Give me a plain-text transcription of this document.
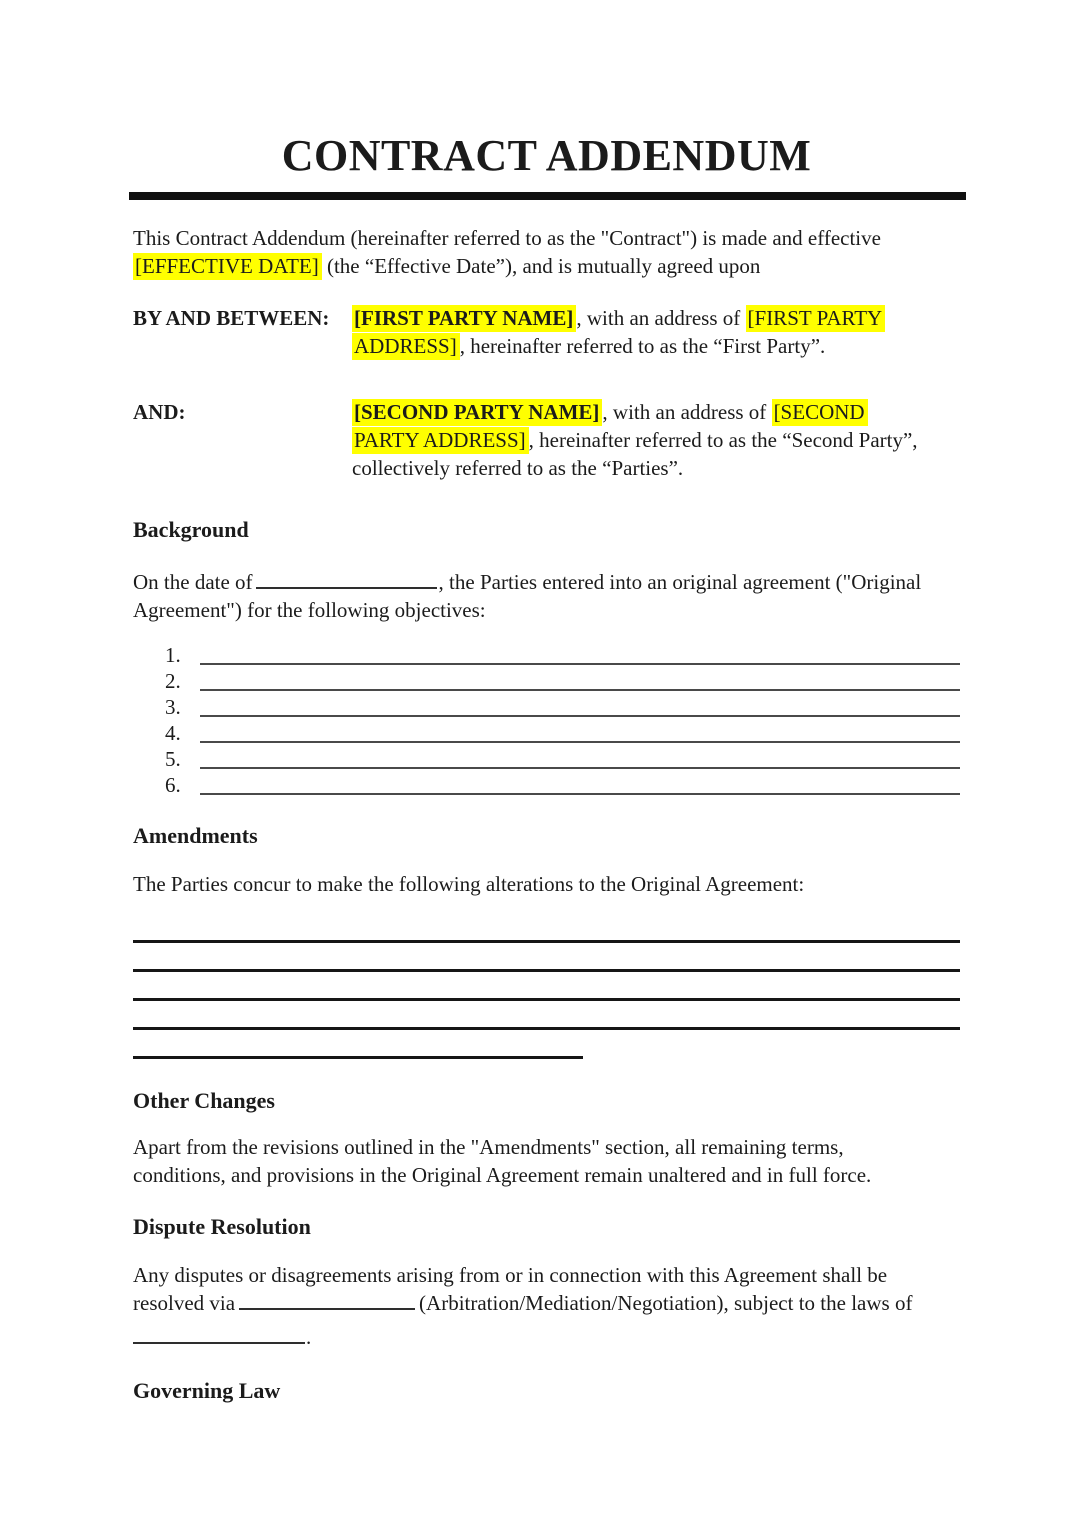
CONTRACT ADDENDUM

This Contract Addendum (hereinafter referred to as the "Contract") is made and effective
[EFFECTIVE DATE] (the “Effective Date”), and is mutually agreed upon

BY AND BETWEEN:	[FIRST PARTY NAME] , with an address of [FIRST PARTY
ADDRESS] , hereinafter referred to as the “First Party”.
AND:	[SECOND PARTY NAME] , with an address of [SECOND
PARTY ADDRESS] , hereinafter referred to as the “Second Party”,
collectively referred to as the “Parties”.
Background

On the date of	, the Parties entered into an original agreement ("Original
Agreement") for the following objectives:

1.
2.
3.
4.
5.
6.
Amendments

The Parties concur to make the following alterations to the Original Agreement:

Other Changes

Apart from the revisions outlined in the "Amendments" section, all remaining terms,
conditions, and provisions in the Original Agreement remain unaltered and in full force.

Dispute Resolution

Any disputes or disagreements arising from or in connection with this Agreement shall be
resolved via	(Arbitration/Mediation/Negotiation), subject to the laws of

.

Governing Law
